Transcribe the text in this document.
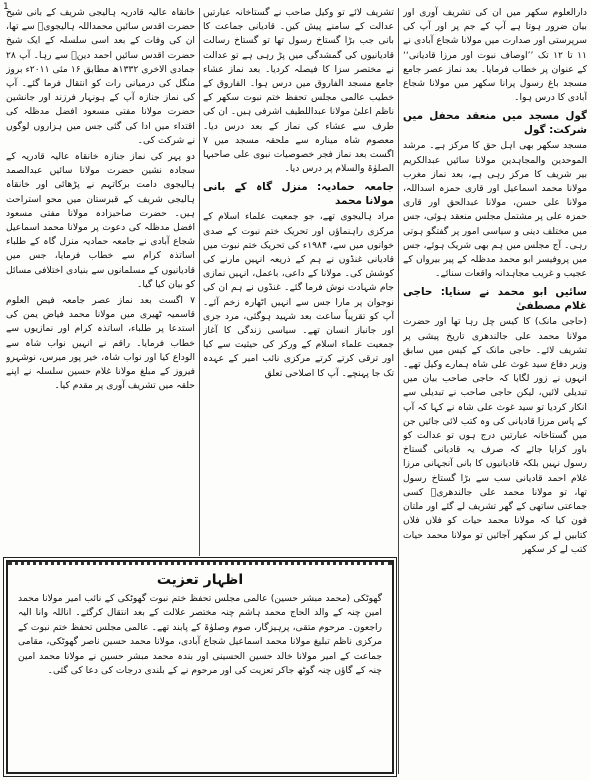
1	دارالعلوم سکھر میں ان کی تشریف آوری اور بیان ضرور ہوتا ہے آپ کے جم پر اور آپ کی سرپرستی اور صدارت میں مولانا شجاع آبادی نے ۱۱ تا ۱۲ تک ’’اوصاف نبوت اور مرزا قادیانی‘‘ کے عنوان پر خطاب فرمایا۔ بعد نماز عصر جامع مسجد باغ رسول پرانا سکھر میں مولانا شجاع آبادی کا درس ہوا۔

گول مسجد میں منعقد محفل میں شرکت: گول

مسجد سکھر بھی اہل حق کا مرکز ہے۔ مرشد الموحدین والمجاہدین مولانا سائیں عبدالکریم بیر شریف کا مرکز رہی ہے، بعد نماز مغرب مولانا محمد اسماعیل اور قاری حمزہ اسداللہ، مولانا علی حسن، مولانا عبدالحق اور قاری حمزہ علی پر مشتمل مجلس منعقد ہوئی، جس میں مختلف دینی و سیاسی امور پر گفتگو ہوتی رہی۔ آج مجلس میں ہم بھی شریک ہوئے، جس میں پروفیسر ابو محمد مدظلہ کے پیر بیرواں کے عجیب و غریب مجاہدانہ واقعات سنائے۔

سائیں ابو محمد نے سنایا: حاجی غلام مصطفیٰ

(حاجی مانک) کا کیس چل رہا تھا اور حضرت مولانا محمد علی جالندھری تاریخ پیشی پر تشریف لائے۔ حاجی مانک کے کیس میں سابق وزیر دفاع سید غوث علی شاہ ہمارے وکیل تھے۔ انہوں نے زور لگایا کہ حاجی صاحب بیان میں تبدیلی لائیں، لیکن حاجی صاحب نے تبدیلی سے انکار کردیا تو سید غوث علی شاہ نے کہا کہ آپ کے پاس مرزا قادیانی کی وہ کتب لائی جائیں جن میں گستاخانہ عبارتیں درج ہوں تو عدالت کو باور کرایا جائے کہ صرف یہ قادیانی گستاخ رسول نہیں بلکہ قادیانیوں کا بانی آنجہانی مرزا غلام احمد قادیانی سب سے بڑا گستاخ رسول تھا، تو مولانا محمد علی جالندھریؒ کسی جماعتی ساتھی کے گھر تشریف لے گئے اور ملتان فون کیا کہ مولانا محمد حیات کو فلاں فلاں کتابیں لے کر سکھر آجائیں تو مولانا محمد حیات کتب لے کر سکھر

تشریف لائے تو وکیل صاحب نے گستاخانہ عبارتیں عدالت کے سامنے پیش کیں۔ قادیانی جماعت کا بانی جب بڑا گستاخ رسول تھا تو گستاخ رسالت قادیانیوں کی گمشدگی میں پڑ رہی ہے تو عدالت نے مختصر سزا کا فیصلہ کردیا۔ بعد نماز عشاء جامع مسجد الفاروق میں درس ہوا۔ الفاروق کے خطیب عالمی مجلس تحفظ ختم نبوت سکھر کے ناظم اعلیٰ مولانا عبداللطیف اشرفی ہیں۔ ان کی طرف سے عشاء کی نماز کے بعد درس دیا۔ معصوم شاہ مینارہ سے ملحقہ مسجد میں ۷ اگست بعد نماز فجر خصوصیات نبوی علی صاحبہا الصلوٰۃ والسلام پر درس دیا۔

جامعہ حمادیہ: منزل گاہ کے بانی مولانا محمد

مراد ہالیجوی تھے، جو جمعیت علماء اسلام کے مرکزی راہنماؤں اور تحریک ختم نبوت کے صدی خوانوں میں سے، ۱۹۸۴ء کی تحریک ختم نبوت میں قادیانی غنڈوں نے ہم کے ذریعہ انہیں مارنے کی کوشش کی۔ مولانا کے داعی، باعمل، انہیں نمازی جام شہادت نوش فرما گئے۔ غنڈوں نے ہم ان کی نوجوان پر مارا جس سے انہیں اٹھارہ زخم آئے۔ آپ کو تقریباً ساعت بعد شہید ہوگئی، مرد جری اور جانباز انسان تھے۔ سیاسی زندگی کا آغاز جمعیت علماء اسلام کے ورکر کی حیثیت سے کیا اور ترقی کرتے کرتے مرکزی نائب امیر کے عہدہ تک جا پہنچے۔ آپ کا اصلاحی تعلق

خانقاہ عالیہ قادریہ ہالیجی شریف کے بانی شیخ حضرت اقدس سائیں محمداللہ ہالیجویؒ سے تھا، ان کی وفات کے بعد اسی سلسلہ کے ایک شیخ حضرت اقدس سائیں احمد دینؒ سے رہا۔ آپ ۲۸ جمادی الاخری ۱۳۳۲ھ مطابق ۱۶ مئی ۲۰۱۱ء بروز منگل کی درمیانی رات کو انتقال فرما گئے۔ آپ کی نماز جنازہ آپ کے ہونہار فرزند اور جانشین حضرت مولانا مفتی مسعود افضل مدظلہ کی اقتداء میں ادا کی گئی جس میں ہزاروں لوگوں نے شرکت کی۔

دو پہر کی نماز جنازہ خانقاہ عالیہ قادریہ کے سجادہ نشین حضرت مولانا سائیں عبدالصمد ہالیجوی دامت برکاتہم نے پڑھائی اور خانقاہ ہالیجی شریف کے قبرستان میں محو استراحت ہیں۔ حضرت صاحبزادہ مولانا مفتی مسعود افضل مدظلہ کی دعوت پر مولانا محمد اسماعیل شجاع آبادی نے جامعہ حمادیہ منزل گاہ کے طلباء اساتذہ کرام سے خطاب فرمایا، جس میں قادیانیوں کے مسلمانوں سے بنیادی اختلافی مسائل کو بیان کیا گیا۔

۷ اگست بعد نماز عصر جامعہ فیض العلوم قاسمیہ ٹھیری میں مولانا محمد فیاض یمن کی استدعا پر طلباء، اساتذہ کرام اور نمازیوں سے خطاب فرمایا۔ راقم نے انہیں نواب شاہ سے الوداع کیا اور نواب شاہ، خیر پور میرس، نوشہرو فیروز کے مبلغ مولانا غلام حسین سلسلہ نے اپنے حلقہ میں تشریف آوری پر مقدم کیا۔

اظہار تعزیت

گھوٹکی (محمد مبشر حسین) عالمی مجلس تحفظ ختم نبوت گھوٹکی کے نائب امیر مولانا محمد امین چنہ کے والد الحاج محمد ہاشم چنہ مختصر علالت کے بعد انتقال کرگئے۔ اناللہ وانا الیہ راجعون۔ مرحوم متقی، پرہیزگار، صوم وصلوٰۃ کے پابند تھے۔ عالمی مجلس تحفظ ختم نبوت کے مرکزی ناظم تبلیغ مولانا محمد اسماعیل شجاع آبادی، مولانا محمد حسین ناصر گھوٹکی، مقامی جماعت کے امیر مولانا خالد حسین الحسینی اور بندہ محمد مبشر حسین نے مولانا محمد امین چنہ کے گاؤں چنہ گوٹھ جاکر تعزیت کی اور مرحوم نے کے بلندی درجات کی دعا کی گئی۔
